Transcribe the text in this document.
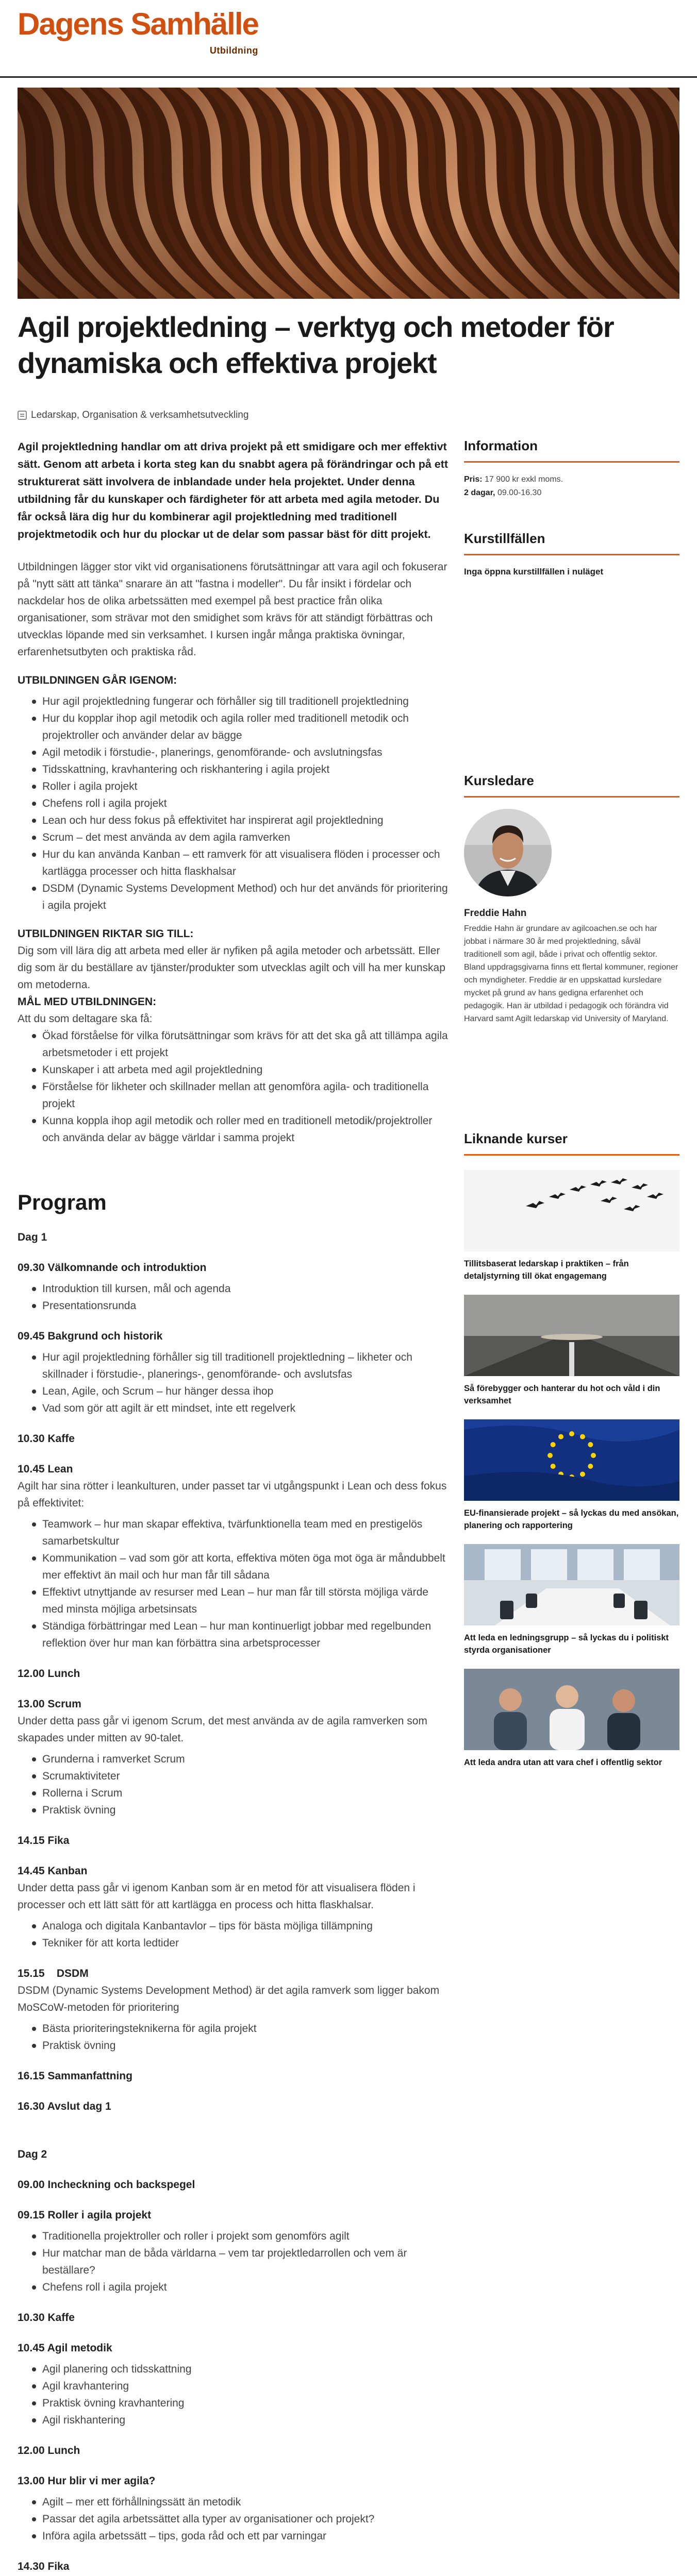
Dagens Samhälle
Utbildning
Agil projektledning – verktyg och metoder för dynamiska och effektiva projekt
Ledarskap, Organisation & verksamhetsutveckling

Agil projektledning handlar om att driva projekt på ett smidigare och mer effektivt sätt. Genom att arbeta i korta steg kan du snabbt agera på förändringar och på ett strukturerat sätt involvera de inblandade under hela projektet. Under denna utbildning får du kunskaper och färdigheter för att arbeta med agila metoder. Du får också lära dig hur du kombinerar agil projektledning med traditionell projektmetodik och hur du plockar ut de delar som passar bäst för ditt projekt.

Utbildningen lägger stor vikt vid organisationens förutsättningar att vara agil och fokuserar på "nytt sätt att tänka" snarare än att "fastna i modeller". Du får insikt i fördelar och nackdelar hos de olika arbetssätten med exempel på best practice från olika organisationer, som strävar mot den smidighet som krävs för att ständigt förbättras och utvecklas löpande med sin verksamhet. I kursen ingår många praktiska övningar, erfarenhetsutbyten och praktiska råd.

UTBILDNINGEN GÅR IGENOM:

Hur agil projektledning fungerar och förhåller sig till traditionell projektledning
Hur du kopplar ihop agil metodik och agila roller med traditionell metodik och projektroller och använder delar av bägge
Agil metodik i förstudie-, planerings, genomförande- och avslutningsfas
Tidsskattning, kravhantering och riskhantering i agila projekt
Roller i agila projekt
Chefens roll i agila projekt
Lean och hur dess fokus på effektivitet har inspirerat agil projektledning
Scrum – det mest använda av dem agila ramverken
Hur du kan använda Kanban – ett ramverk för att visualisera flöden i processer och kartlägga processer och hitta flaskhalsar
DSDM (Dynamic Systems Development Method) och hur det används för prioritering i agila projekt

UTBILDNINGEN RIKTAR SIG TILL:

Dig som vill lära dig att arbeta med eller är nyfiken på agila metoder och arbetssätt. Eller dig som är du beställare av tjänster/produkter som utvecklas agilt och vill ha mer kunskap om metoderna.

MÅL MED UTBILDNINGEN:

Att du som deltagare ska få:

Ökad förståelse för vilka förutsättningar som krävs för att det ska gå att tillämpa agila arbetsmetoder i ett projekt
Kunskaper i att arbeta med agil projektledning
Förståelse för likheter och skillnader mellan att genomföra agila- och traditionella projekt
Kunna koppla ihop agil metodik och roller med en traditionell metodik/projektroller och använda delar av bägge världar i samma projekt
Program

Dag 1

09.30 Välkomnande och introduktion

Introduktion till kursen, mål och agenda
Presentationsrunda

09.45 Bakgrund och historik

Hur agil projektledning förhåller sig till traditionell projektledning – likheter och skillnader i förstudie-, planerings-, genomförande- och avslutsfas
Lean, Agile, och Scrum – hur hänger dessa ihop
Vad som gör att agilt är ett mindset, inte ett regelverk

10.30 Kaffe

10.45 Lean

Agilt har sina rötter i leankulturen, under passet tar vi utgångspunkt i Lean och dess fokus på effektivitet:

Teamwork – hur man skapar effektiva, tvärfunktionella team med en prestigelös samarbetskultur
Kommunikation – vad som gör att korta, effektiva möten öga mot öga är måndubbelt mer effektivt än mail och hur man får till sådana
Effektivt utnyttjande av resurser med Lean – hur man får till största möjliga värde med minsta möjliga arbetsinsats
Ständiga förbättringar med Lean – hur man kontinuerligt jobbar med regelbunden reflektion över hur man kan förbättra sina arbetsprocesser

12.00 Lunch

13.00 Scrum

Under detta pass går vi igenom Scrum, det mest använda av de agila ramverken som skapades under mitten av 90-talet.

Grunderna i ramverket Scrum
Scrumaktiviteter
Rollerna i Scrum
Praktisk övning

14.15 Fika

14.45 Kanban

Under detta pass går vi igenom Kanban som är en metod för att visualisera flöden i processer och ett lätt sätt för att kartlägga en process och hitta flaskhalsar.

Analoga och digitala Kanbantavlor – tips för bästa möjliga tillämpning
Tekniker för att korta ledtider

15.15    DSDM

DSDM (Dynamic Systems Development Method) är det agila ramverk som ligger bakom MoSCoW-metoden för prioritering

Bästa prioriteringsteknikerna för agila projekt
Praktisk övning

16.15 Sammanfattning

16.30 Avslut dag 1

Dag 2

09.00 Incheckning och backspegel

09.15 Roller i agila projekt

Traditionella projektroller och roller i projekt som genomförs agilt
Hur matchar man de båda världarna – vem tar projektledarrollen och vem är beställare?
Chefens roll i agila projekt

10.30 Kaffe

10.45 Agil metodik

Agil planering och tidsskattning
Agil kravhantering
Praktisk övning kravhantering
Agil riskhantering

12.00 Lunch

13.00 Hur blir vi mer agila?

Agilt – mer ett förhållningssätt än metodik
Passar det agila arbetssättet alla typer av organisationer och projekt?
Införa agila arbetssätt – tips, goda råd och ett par varningar

14.30 Fika

Information
Pris: 17 900 kr exkl moms.
2 dagar, 09.00-16.30
Kurstillfällen
Inga öppna kurstillfällen i nuläget
Kursledare
Freddie Hahn
Freddie Hahn är grundare av agilcoachen.se och har jobbat i närmare 30 år med projektledning, såväl traditionell som agil, både i privat och offentlig sektor. Bland uppdragsgivarna finns ett flertal kommuner, regioner och myndigheter. Freddie är en uppskattad kursledare mycket på grund av hans gedigna erfarenhet och pedagogik. Han är utbildad i pedagogik och förändra vid Harvard samt Agilt ledarskap vid University of Maryland.
Liknande kurser
Tillitsbaserat ledarskap i praktiken – från detaljstyrning till ökat engagemang
Så förebygger och hanterar du hot och våld i din verksamhet
EU-finansierade projekt – så lyckas du med ansökan, planering och rapportering
Att leda en ledningsgrupp – så lyckas du i politiskt styrda organisationer
Att leda andra utan att vara chef i offentlig sektor
